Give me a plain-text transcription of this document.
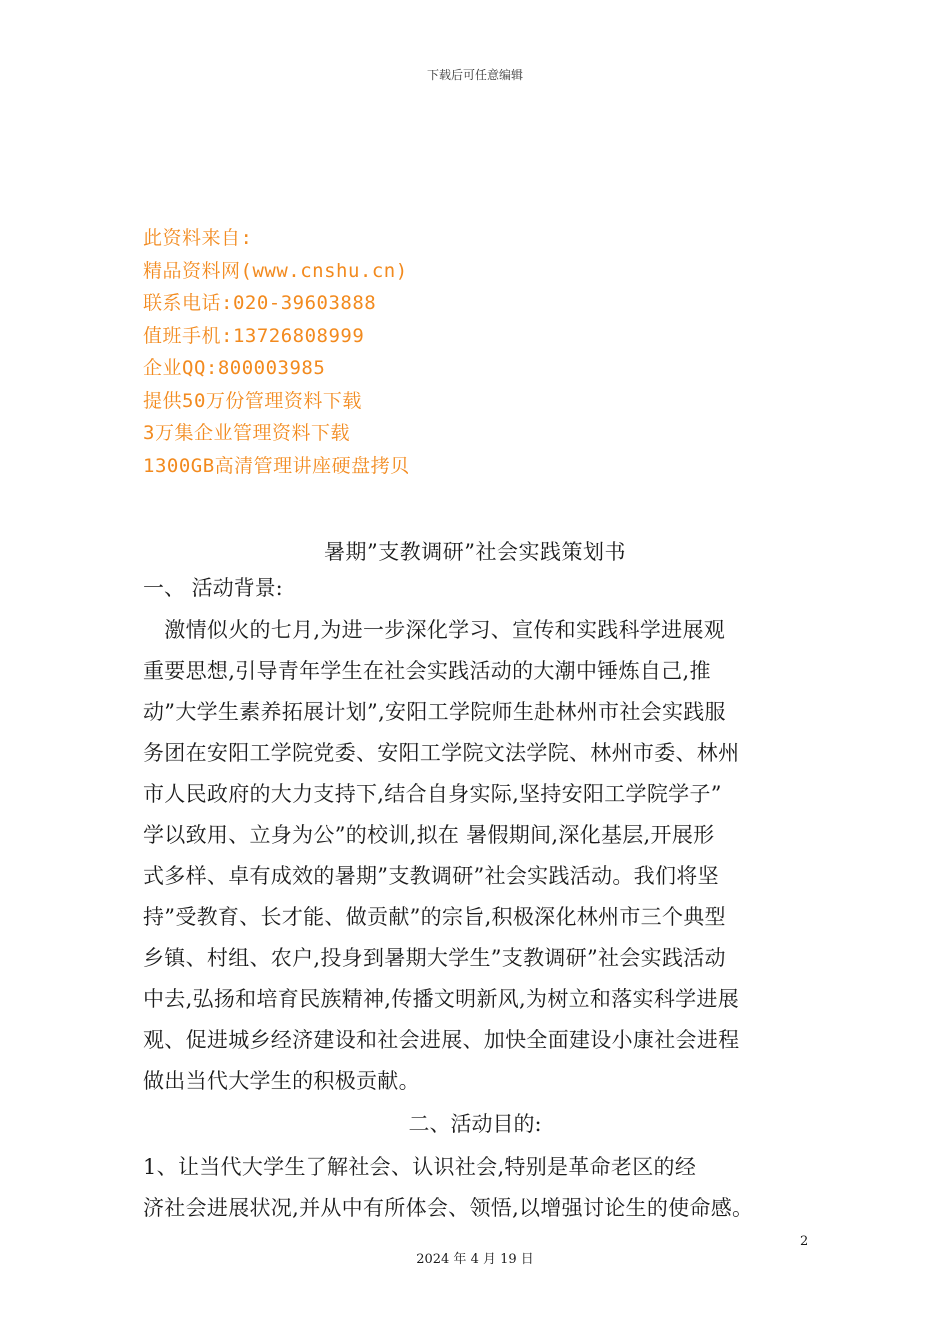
下载后可任意编辑
此资料来自:
精品资料网(www.cnshu.cn)
联系电话:020-39603888
值班手机:13726808999
企业QQ:800003985
提供50万份管理资料下载
3万集企业管理资料下载
1300GB高清管理讲座硬盘拷贝
暑期”支教调研”社会实践策划书
一、 活动背景:
　激情似火的七月,为进一步深化学习、宣传和实践科学进展观
重要思想,引导青年学生在社会实践活动的大潮中锤炼自己,推
动”大学生素养拓展计划”,安阳工学院师生赴林州市社会实践服
务团在安阳工学院党委、安阳工学院文法学院、林州市委、林州
市人民政府的大力支持下,结合自身实际,坚持安阳工学院学子”
学以致用、立身为公”的校训,拟在 暑假期间,深化基层,开展形
式多样、卓有成效的暑期”支教调研”社会实践活动。我们将坚
持”受教育、长才能、做贡献”的宗旨,积极深化林州市三个典型
乡镇、村组、农户,投身到暑期大学生”支教调研”社会实践活动
中去,弘扬和培育民族精神,传播文明新风,为树立和落实科学进展
观、促进城乡经济建设和社会进展、加快全面建设小康社会进程
做出当代大学生的积极贡献。
二、活动目的:
1、让当代大学生了解社会、认识社会,特别是革命老区的经
济社会进展状况,并从中有所体会、领悟,以增强讨论生的使命感。
2
2024 年 4 月 19 日
